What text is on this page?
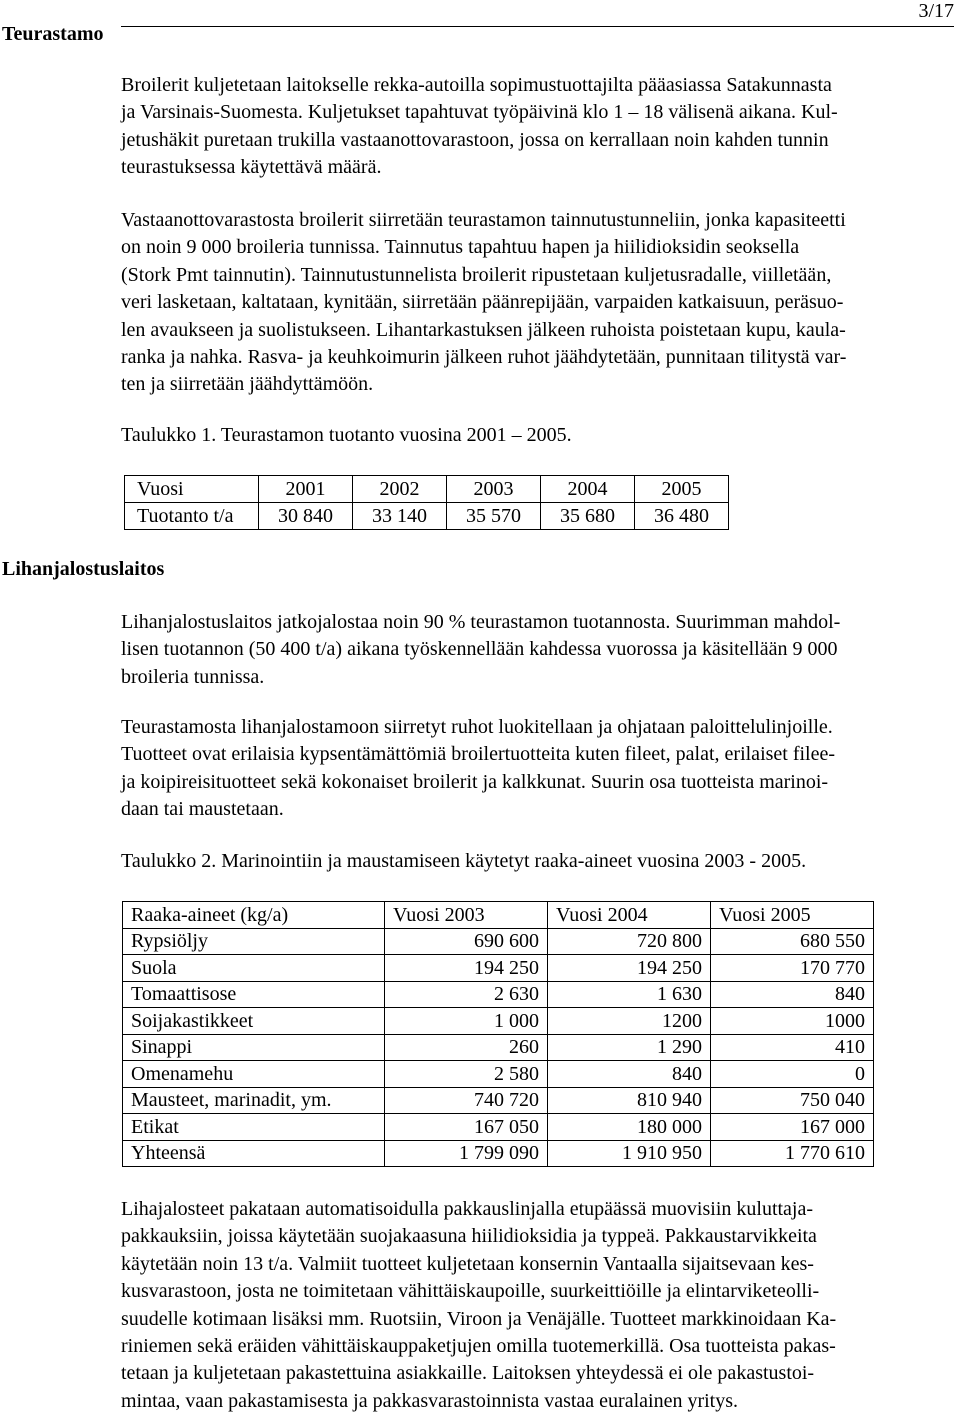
Teurastamo
3/17
Broilerit kuljetetaan laitokselle rekka-autoilla sopimustuottajilta pääasiassa Satakunnasta
ja Varsinais-Suomesta. Kuljetukset tapahtuvat työpäivinä klo 1 – 18 välisenä aikana. Kul-
jetushäkit puretaan trukilla vastaanottovarastoon, jossa on kerrallaan noin kahden tunnin
teurastuksessa käytettävä määrä.
Vastaanottovarastosta broilerit siirretään teurastamon tainnutustunneliin, jonka kapasiteetti
on noin 9 000 broileria tunnissa. Tainnutus tapahtuu hapen ja hiilidioksidin seoksella
(Stork Pmt tainnutin). Tainnutustunnelista broilerit ripustetaan kuljetusradalle, viilletään,
veri lasketaan, kaltataan, kynitään, siirretään päänrepijään, varpaiden katkaisuun, peräsuo-
len avaukseen ja suolistukseen. Lihantarkastuksen jälkeen ruhoista poistetaan kupu, kaula-
ranka ja nahka. Rasva- ja keuhkoimurin jälkeen ruhot jäähdytetään, punnitaan tilitystä var-
ten ja siirretään jäähdyttämöön.
Taulukko 1. Teurastamon tuotanto vuosina 2001 – 2005.
Vuosi	2001	2002	2003	2004	2005
Tuotanto t/a	30 840	33 140	35 570	35 680	36 480
Lihanjalostuslaitos
Lihanjalostuslaitos jatkojalostaa noin 90 % teurastamon tuotannosta. Suurimman mahdol-
lisen tuotannon (50 400 t/a) aikana työskennellään kahdessa vuorossa ja käsitellään 9 000
broileria tunnissa.
Teurastamosta lihanjalostamoon siirretyt ruhot luokitellaan ja ohjataan paloittelulinjoille.
Tuotteet ovat erilaisia kypsentämättömiä broilertuotteita kuten fileet, palat, erilaiset filee-
ja koipireisituotteet sekä kokonaiset broilerit ja kalkkunat. Suurin osa tuotteista marinoi-
daan tai maustetaan.
Taulukko 2. Marinointiin ja maustamiseen käytetyt raaka-aineet vuosina 2003 - 2005.
Raaka-aineet (kg/a)	Vuosi 2003	Vuosi 2004	Vuosi 2005
Rypsiöljy	690 600	720 800	680 550
Suola	194 250	194 250	170 770
Tomaattisose	2 630	1 630	840
Soijakastikkeet	1 000	1200	1000
Sinappi	260	1 290	410
Omenamehu	2 580	840	0
Mausteet, marinadit, ym.	740 720	810 940	750 040
Etikat	167 050	180 000	167 000
Yhteensä	1 799 090	1 910 950	1 770 610
Lihajalosteet pakataan automatisoidulla pakkauslinjalla etupäässä muovisiin kuluttaja-
pakkauksiin, joissa käytetään suojakaasuna hiilidioksidia ja typpeä. Pakkaustarvikkeita
käytetään noin 13 t/a. Valmiit tuotteet kuljetetaan konsernin Vantaalla sijaitsevaan kes-
kusvarastoon, josta ne toimitetaan vähittäiskaupoille, suurkeittiöille ja elintarviketeolli-
suudelle kotimaan lisäksi mm. Ruotsiin, Viroon ja Venäjälle. Tuotteet markkinoidaan Ka-
riniemen sekä eräiden vähittäiskauppaketjujen omilla tuotemerkillä. Osa tuotteista pakas-
tetaan ja kuljetetaan pakastettuina asiakkaille. Laitoksen yhteydessä ei ole pakastustoi-
mintaa, vaan pakastamisesta ja pakkasvarastoinnista vastaa euralainen yritys.
